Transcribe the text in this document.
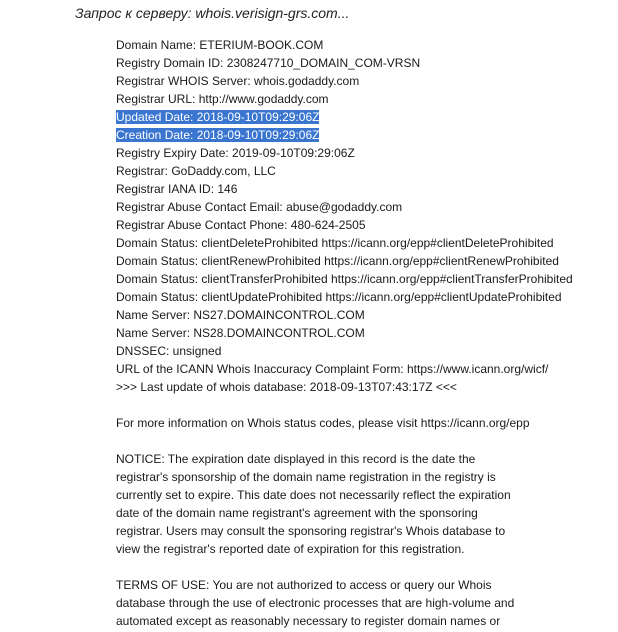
Запрос к серверу: whois.verisign-grs.com...
Domain Name: ETERIUM-BOOK.COM
Registry Domain ID: 2308247710_DOMAIN_COM-VRSN
Registrar WHOIS Server: whois.godaddy.com
Registrar URL: http://www.godaddy.com
Updated Date: 2018-09-10T09:29:06Z
Creation Date: 2018-09-10T09:29:06Z
Registry Expiry Date: 2019-09-10T09:29:06Z
Registrar: GoDaddy.com, LLC
Registrar IANA ID: 146
Registrar Abuse Contact Email: abuse@godaddy.com
Registrar Abuse Contact Phone: 480-624-2505
Domain Status: clientDeleteProhibited https://icann.org/epp#clientDeleteProhibited
Domain Status: clientRenewProhibited https://icann.org/epp#clientRenewProhibited
Domain Status: clientTransferProhibited https://icann.org/epp#clientTransferProhibited
Domain Status: clientUpdateProhibited https://icann.org/epp#clientUpdateProhibited
Name Server: NS27.DOMAINCONTROL.COM
Name Server: NS28.DOMAINCONTROL.COM
DNSSEC: unsigned
URL of the ICANN Whois Inaccuracy Complaint Form: https://www.icann.org/wicf/
>>> Last update of whois database: 2018-09-13T07:43:17Z <<<
For more information on Whois status codes, please visit https://icann.org/epp
NOTICE: The expiration date displayed in this record is the date the
registrar's sponsorship of the domain name registration in the registry is
currently set to expire. This date does not necessarily reflect the expiration
date of the domain name registrant's agreement with the sponsoring
registrar. Users may consult the sponsoring registrar's Whois database to
view the registrar's reported date of expiration for this registration.
TERMS OF USE: You are not authorized to access or query our Whois
database through the use of electronic processes that are high-volume and
automated except as reasonably necessary to register domain names or
